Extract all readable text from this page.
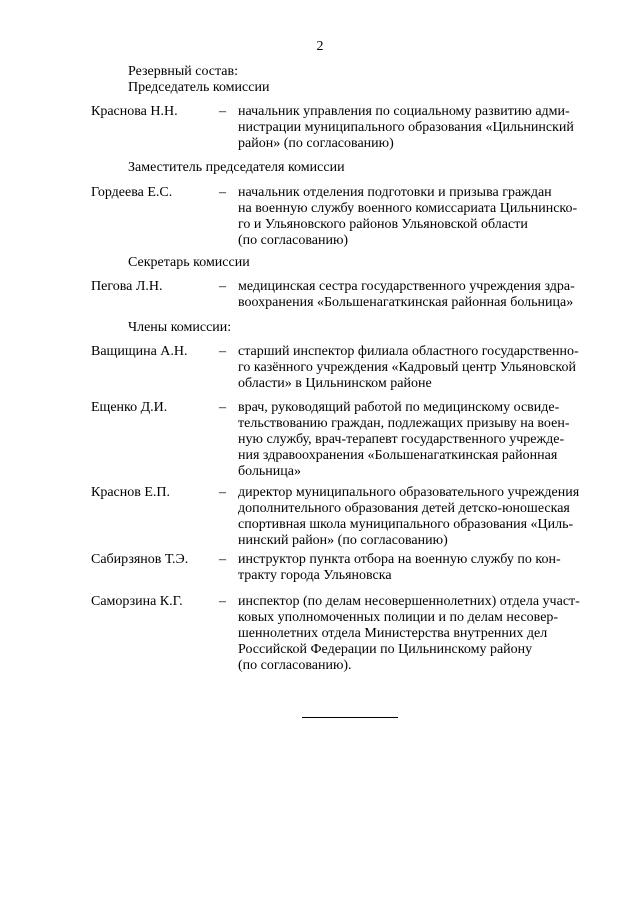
2
Резервный состав:
Председатель комиссии
Краснова Н.Н.	– начальник управления по социальному развитию адми-
нистрации муниципального образования «Цильнинский
район» (по согласованию)
Заместитель председателя комиссии
Гордеева Е.С.	– начальник отделения подготовки и призыва граждан
на военную службу военного комиссариата Цильнинско-
го и Ульяновского районов Ульяновской области
(по согласованию)
Секретарь комиссии
Пегова Л.Н.	– медицинская сестра государственного учреждения здра-
воохранения «Большенагаткинская районная больница»
Члены комиссии:
Ващищина А.Н. – старший инспектор филиала областного государственно-
го казённого учреждения «Кадровый центр Ульяновской
области» в Цильнинском районе
Ещенко Д.И.	– врач, руководящий работой по медицинскому освиде-
тельствованию граждан, подлежащих призыву на воен-
ную службу, врач-терапевт государственного учрежде-
ния здравоохранения «Большенагаткинская районная
больница»
Краснов Е.П.	– директор муниципального образовательного учреждения
дополнительного образования детей детско-юношеская
спортивная школа муниципального образования «Циль-
нинский район» (по согласованию)
Сабирзянов Т.Э. – инструктор пункта отбора на военную службу по кон-
тракту города Ульяновска
Саморзина К.Г.	– инспектор (по делам несовершеннолетних) отдела участ-
ковых уполномоченных полиции и по делам несовер-
шеннолетних отдела Министерства внутренних дел
Российской Федерации по Цильнинскому району
(по согласованию).
